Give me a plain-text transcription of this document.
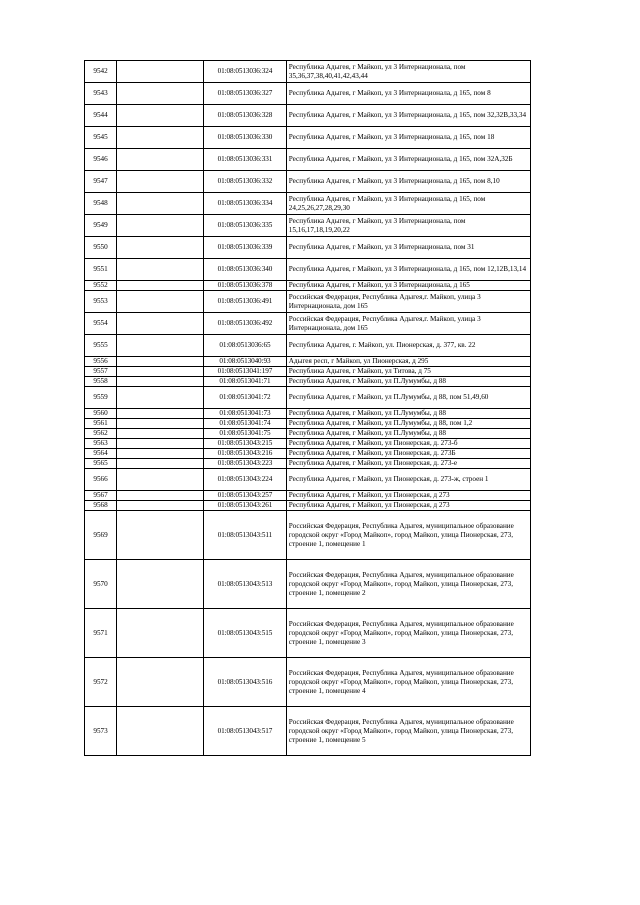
9542		01:08:0513036:324	Республика Адыгея, г Майкоп, ул 3 Интернационала, пом 35,36,37,38,40,41,42,43,44
9543		01:08:0513036:327	Республика Адыгея, г Майкоп, ул 3 Интернационала, д 165, пом 8
9544		01:08:0513036:328	Республика Адыгея, г Майкоп, ул 3 Интернационала, д 165, пом 32,32В,33,34
9545		01:08:0513036:330	Республика Адыгея, г Майкоп, ул 3 Интернационала, д 165, пом 18
9546		01:08:0513036:331	Республика Адыгея, г Майкоп, ул 3 Интернационала, д 165, пом 32А,32Б
9547		01:08:0513036:332	Республика Адыгея, г Майкоп, ул 3 Интернационала, д 165, пом 8,10
9548		01:08:0513036:334	Республика Адыгея, г Майкоп, ул 3 Интернационала, д 165, пом 24,25,26,27,28,29,30
9549		01:08:0513036:335	Республика Адыгея, г Майкоп, ул 3 Интернационала, пом 15,16,17,18,19,20,22
9550		01:08:0513036:339	Республика Адыгея, г Майкоп, ул 3 Интернационала, пом 31
9551		01:08:0513036:340	Республика Адыгея, г Майкоп, ул 3 Интернационала, д 165, пом 12,12В,13,14
9552		01:08:0513036:378	Республика Адыгея, г Майкоп, ул 3 Интернационала, д 165
9553		01:08:0513036:491	Российская Федерация, Республика Адыгея,г. Майкоп, улица 3 Интернационала, дом 165
9554		01:08:0513036:492	Российская Федерация, Республика Адыгея,г. Майкоп, улица 3 Интернационала, дом 165
9555		01:08:0513036:65	Республика Адыгея, г. Майкоп, ул. Пионерская, д. 377, кв. 22
9556		01:08:0513040:93	Адыгея респ, г Майкоп, ул Пионерская, д 295
9557		01:08:0513041:197	Республика Адыгея, г Майкоп, ул Титова, д 75
9558		01:08:0513041:71	Республика Адыгея, г Майкоп, ул П.Лумумбы, д 88
9559		01:08:0513041:72	Республика Адыгея, г Майкоп, ул П.Лумумбы, д 88, пом 51,49,60
9560		01:08:0513041:73	Республика Адыгея, г Майкоп, ул П.Лумумбы, д 88
9561		01:08:0513041:74	Республика Адыгея, г Майкоп, ул П.Лумумбы, д 88, пом 1,2
9562		01:08:0513041:75	Республика Адыгея, г Майкоп, ул П.Лумумбы, д 88
9563		01:08:0513043:215	Республика Адыгея, г Майкоп, ул Пионерская, д. 273-б
9564		01:08:0513043:216	Республика Адыгея, г Майкоп, ул Пионерская, д. 273Б
9565		01:08:0513043:223	Республика Адыгея, г Майкоп, ул Пионерская, д. 273-е
9566		01:08:0513043:224	Республика Адыгея, г Майкоп, ул Пионерская, д. 273-ж, строен 1
9567		01:08:0513043:257	Республика Адыгея, г Майкоп, ул Пионерская, д 273
9568		01:08:0513043:261	Республика Адыгея, г Майкоп, ул Пионерская, д 273
9569		01:08:0513043:511	Российская Федерация, Республика Адыгея, муниципальное образование городской округ «Город Майкоп», город Майкоп, улица Пионерская, 273, строение 1, помещение 1
9570		01:08:0513043:513	Российская Федерация, Республика Адыгея, муниципальное образование городской округ «Город Майкоп», город Майкоп, улица Пионерская, 273, строение 1, помещение 2
9571		01:08:0513043:515	Российская Федерация, Республика Адыгея, муниципальное образование городской округ «Город Майкоп», город Майкоп, улица Пионерская, 273, строение 1, помещение 3
9572		01:08:0513043:516	Российская Федерация, Республика Адыгея, муниципальное образование городской округ «Город Майкоп», город Майкоп, улица Пионерская, 273, строение 1, помещение 4
9573		01:08:0513043:517	Российская Федерация, Республика Адыгея, муниципальное образование городской округ «Город Майкоп», город Майкоп, улица Пионерская, 273, строение 1, помещение 5
